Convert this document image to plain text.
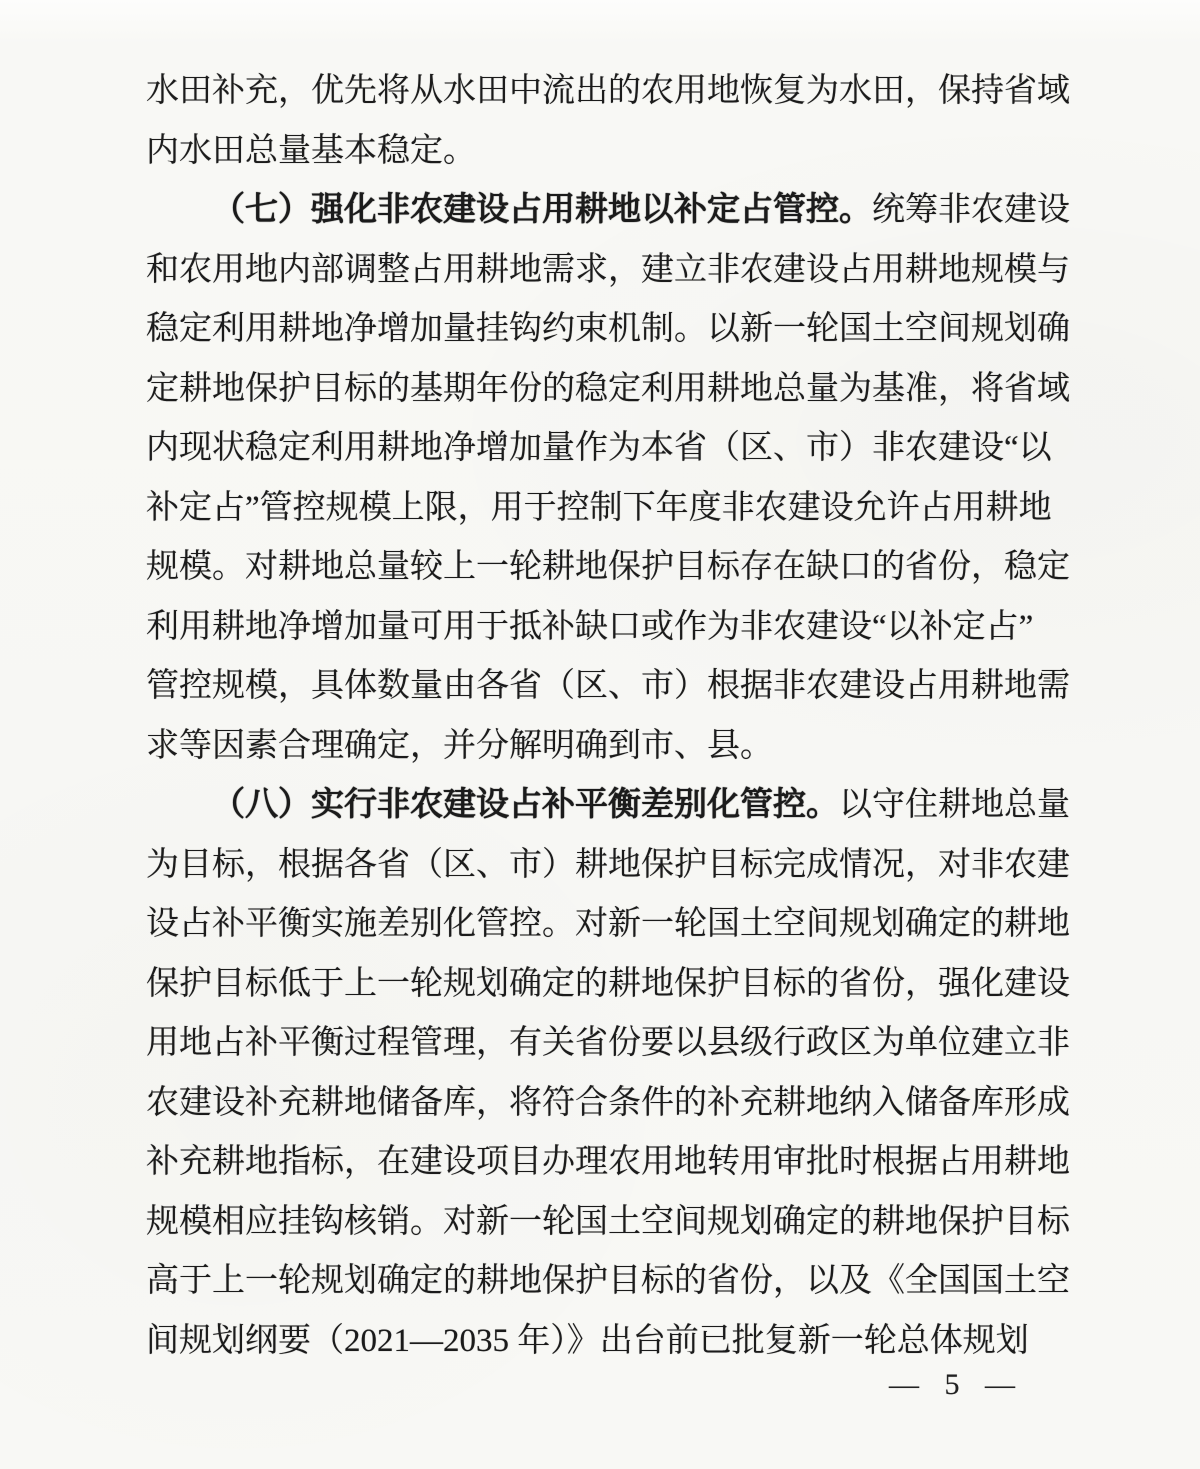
水田补充，优先将从水田中流出的农用地恢复为水田，保持省域
内水田总量基本稳定。
（七）强化非农建设占用耕地以补定占管控。统筹非农建设
和农用地内部调整占用耕地需求，建立非农建设占用耕地规模与
稳定利用耕地净增加量挂钩约束机制。以新一轮国土空间规划确
定耕地保护目标的基期年份的稳定利用耕地总量为基准，将省域
内现状稳定利用耕地净增加量作为本省（区、市）非农建设“以
补定占”管控规模上限，用于控制下年度非农建设允许占用耕地
规模。对耕地总量较上一轮耕地保护目标存在缺口的省份，稳定
利用耕地净增加量可用于抵补缺口或作为非农建设“以补定占”
管控规模，具体数量由各省（区、市）根据非农建设占用耕地需
求等因素合理确定，并分解明确到市、县。
（八）实行非农建设占补平衡差别化管控。以守住耕地总量
为目标，根据各省（区、市）耕地保护目标完成情况，对非农建
设占补平衡实施差别化管控。对新一轮国土空间规划确定的耕地
保护目标低于上一轮规划确定的耕地保护目标的省份，强化建设
用地占补平衡过程管理，有关省份要以县级行政区为单位建立非
农建设补充耕地储备库，将符合条件的补充耕地纳入储备库形成
补充耕地指标，在建设项目办理农用地转用审批时根据占用耕地
规模相应挂钩核销。对新一轮国土空间规划确定的耕地保护目标
高于上一轮规划确定的耕地保护目标的省份，以及《全国国土空
间规划纲要（2021—2035 年）》出台前已批复新一轮总体规划
— 5 —
